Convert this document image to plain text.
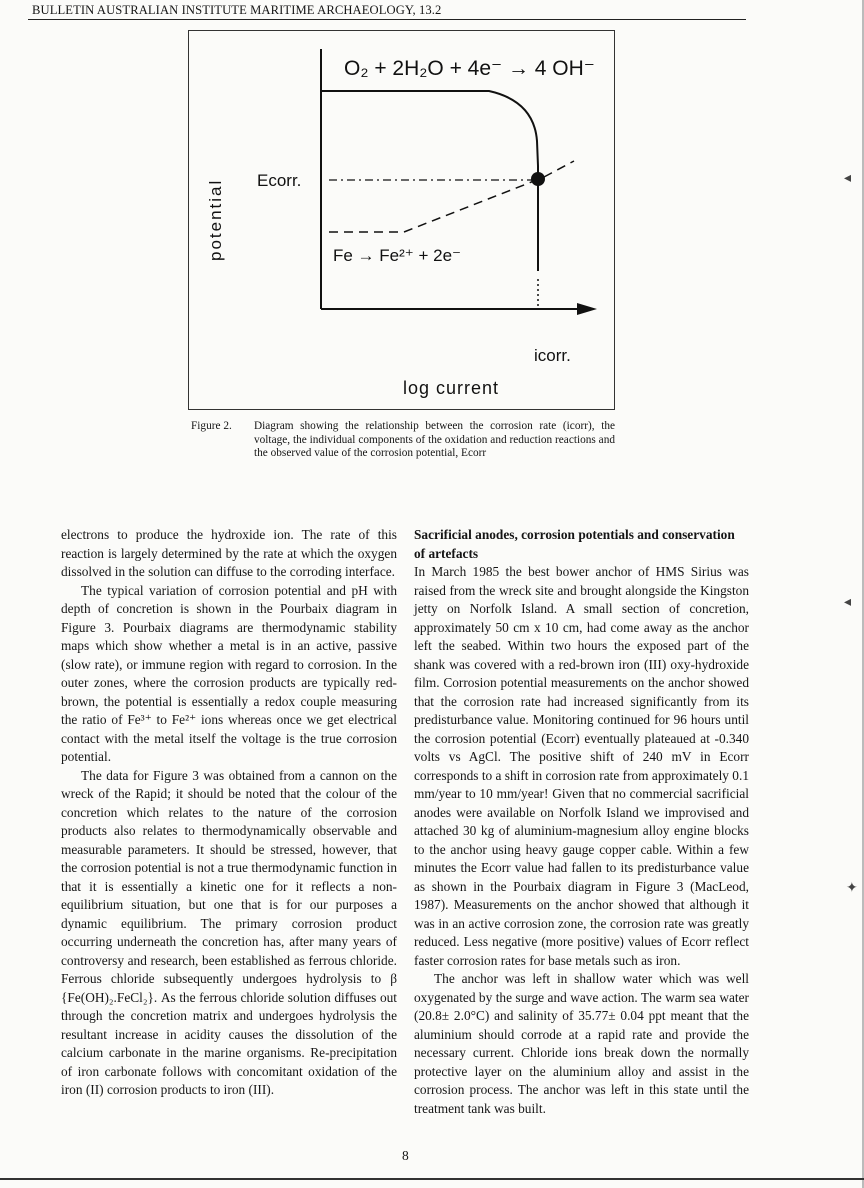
BULLETIN AUSTRALIAN INSTITUTE MARITIME ARCHAEOLOGY, 13.2
O₂ + 2H₂O + 4e⁻ → 4 OH⁻
Fe → Fe²⁺ + 2e⁻
Ecorr.
icorr.
log current
potential
Figure 2. Diagram showing the relationship between the corrosion rate (icorr), the voltage, the individual components of the oxidation and reduction reactions and the observed value of the corrosion potential, Ecorr

electrons to produce the hydroxide ion. The rate of this reaction is largely determined by the rate at which the oxygen dissolved in the solution can diffuse to the corroding interface.

The typical variation of corrosion potential and pH with depth of concretion is shown in the Pourbaix diagram in Figure 3. Pourbaix diagrams are thermodynamic stability maps which show whether a metal is in an active, passive (slow rate), or immune region with regard to corrosion. In the outer zones, where the corrosion products are typically red-brown, the potential is essentially a redox couple measuring the ratio of Fe³⁺ to Fe²⁺ ions whereas once we get electrical contact with the metal itself the voltage is the true corrosion potential.

The data for Figure 3 was obtained from a cannon on the wreck of the Rapid; it should be noted that the colour of the concretion which relates to the nature of the corrosion products also relates to thermodynamically observable and measurable parameters. It should be stressed, however, that the corrosion potential is not a true thermodynamic function in that it is essentially a kinetic one for it reflects a non-equilibrium situation, but one that is for our purposes a dynamic equilibrium. The primary corrosion product occurring underneath the concretion has, after many years of controversy and research, been established as ferrous chloride. Ferrous chloride subsequently undergoes hydrolysis to β {Fe(OH)₂.FeCl₂}. As the ferrous chloride solution diffuses out through the concretion matrix and undergoes hydrolysis the resultant increase in acidity causes the dissolution of the calcium carbonate in the marine organisms. Re-precipitation of iron carbonate follows with concomitant oxidation of the iron (II) corrosion products to iron (III).

Sacrificial anodes, corrosion potentials and conservation of artefacts

In March 1985 the best bower anchor of HMS Sirius was raised from the wreck site and brought alongside the Kingston jetty on Norfolk Island. A small section of concretion, approximately 50 cm x 10 cm, had come away as the anchor left the seabed. Within two hours the exposed part of the shank was covered with a red-brown iron (III) oxy-hydroxide film. Corrosion potential measurements on the anchor showed that the corrosion rate had increased significantly from its predisturbance value. Monitoring continued for 96 hours until the corrosion potential (Ecorr) eventually plateaued at -0.340 volts vs AgCl. The positive shift of 240 mV in Ecorr corresponds to a shift in corrosion rate from approximately 0.1 mm/year to 10 mm/year! Given that no commercial sacrificial anodes were available on Norfolk Island we improvised and attached 30 kg of aluminium-magnesium alloy engine blocks to the anchor using heavy gauge copper cable. Within a few minutes the Ecorr value had fallen to its predisturbance value as shown in the Pourbaix diagram in Figure 3 (MacLeod, 1987). Measurements on the anchor showed that although it was in an active corrosion zone, the corrosion rate was greatly reduced. Less negative (more positive) values of Ecorr reflect faster corrosion rates for base metals such as iron.

The anchor was left in shallow water which was well oxygenated by the surge and wave action. The warm sea water (20.8± 2.0°C) and salinity of 35.77± 0.04 ppt meant that the aluminium should corrode at a rapid rate and provide the necessary current. Chloride ions break down the normally protective layer on the aluminium alloy and assist in the corrosion process. The anchor was left in this state until the treatment tank was built.

8
◂
◂
✦
